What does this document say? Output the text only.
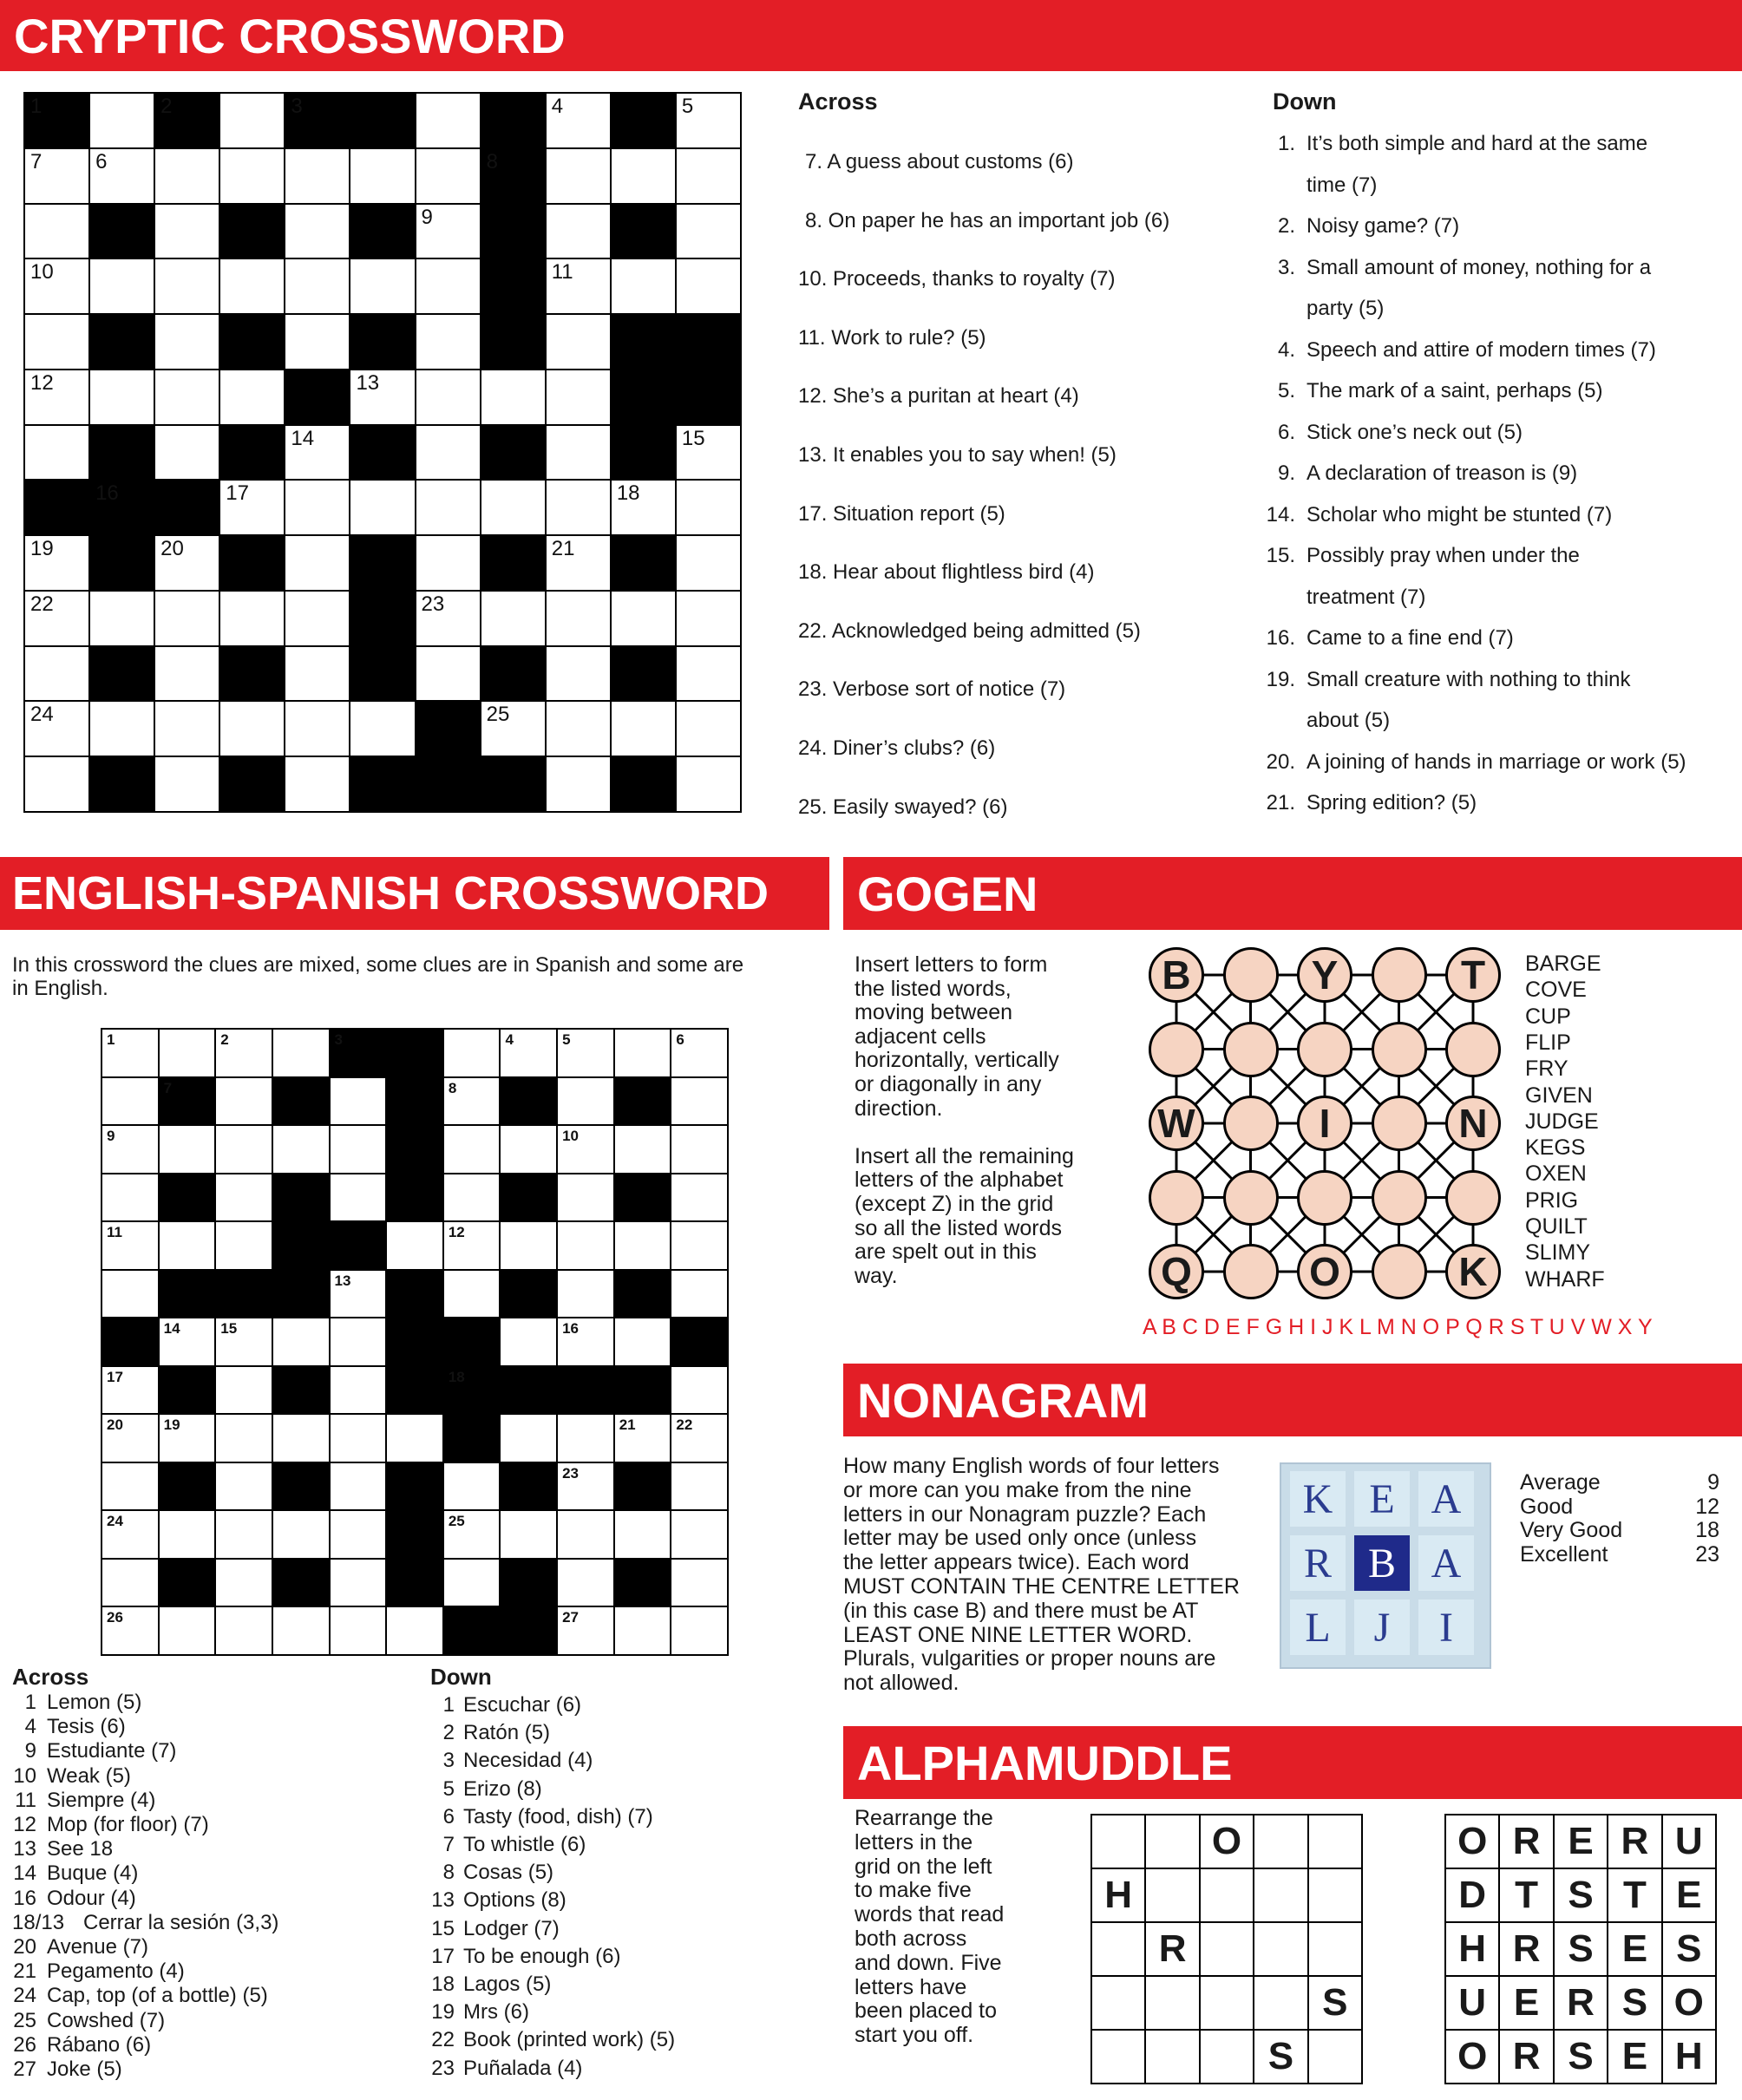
CRYPTIC CROSSWORD
1	2	3	4	5
7	6	8
9
10	11
12	13
14	15
16	17	18
19	20	21
22	23
24	25
Across
7. A guess about customs (6)
8. On paper he has an important job (6)
10. Proceeds, thanks to royalty (7)
11. Work to rule? (5)
12. She’s a puritan at heart (4)
13. It enables you to say when! (5)
17. Situation report (5)
18. Hear about flightless bird (4)
22. Acknowledged being admitted (5)
23. Verbose sort of notice (7)
24. Diner’s clubs? (6)
25. Easily swayed? (6)
Down
1. It’s both simple and hard at the same
time (7)
2. Noisy game? (7)
3. Small amount of money, nothing for a
party (5)
4. Speech and attire of modern times (7)
5. The mark of a saint, perhaps (5)
6. Stick one’s neck out (5)
9. A declaration of treason is (9)
14. Scholar who might be stunted (7)
15. Possibly pray when under the
treatment (7)
16. Came to a fine end (7)
19. Small creature with nothing to think
about (5)
20. A joining of hands in marriage or work (5)
21. Spring edition? (5)
ENGLISH-SPANISH CROSSWORD
In this crossword the clues are mixed, some clues are in Spanish and some are
in English.
1	2	3	4	5	6
7	8
9	10
11	12
13
14	15	16
17	18
20	19	21	22
23
24	25
26	27
Across
1 Lemon (5)
4 Tesis (6)
9 Estudiante (7)
10 Weak (5)
11 Siempre (4)
12 Mop (for floor) (7)
13 See 18
14 Buque (4)
16 Odour (4)
18/13 Cerrar la sesión (3,3)
20 Avenue (7)
21 Pegamento (4)
24 Cap, top (of a bottle) (5)
25 Cowshed (7)
26 Rábano (6)
27 Joke (5)
Down
1 Escuchar (6)
2 Ratón (5)
3 Necesidad (4)
5 Erizo (8)
6 Tasty (food, dish) (7)
7 To whistle (6)
8 Cosas (5)
13 Options (8)
15 Lodger (7)
17 To be enough (6)
18 Lagos (5)
19 Mrs (6)
22 Book (printed work) (5)
23 Puñalada (4)
GOGEN
Insert letters to form
the listed words,
moving between
adjacent cells
horizontally, vertically
or diagonally in any
direction.
Insert all the remaining
letters of the alphabet
(except Z) in the grid
so all the listed words
are spelt out in this
way.
B	Y	T
W	I	N
Q	O	K
BARGE
COVE
CUP
FLIP
FRY
GIVEN
JUDGE
KEGS
OXEN
PRIG
QUILT
SLIMY
WHARF
A B C D E F G H I J K L M N O P Q R S T U V W X Y
NONAGRAM
How many English words of four letters
or more can you make from the nine
letters in our Nonagram puzzle? Each
letter may be used only once (unless
the letter appears twice). Each word
MUST CONTAIN THE CENTRE LETTER
(in this case B) and there must be AT
LEAST ONE NINE LETTER WORD.
Plurals, vulgarities or proper nouns are
not allowed.
K E A
R B A
L	J	I
Average	9
Good	12
Very Good	18
Excellent	23
ALPHAMUDDLE
Rearrange the
letters in the
grid on the left
to make five
words that read
both across
and down. Five
letters have
been placed to
start you off.
O
H
R
S
S
O R E R U
D T S T E
H R S E S
U E R S O
O R S E H
